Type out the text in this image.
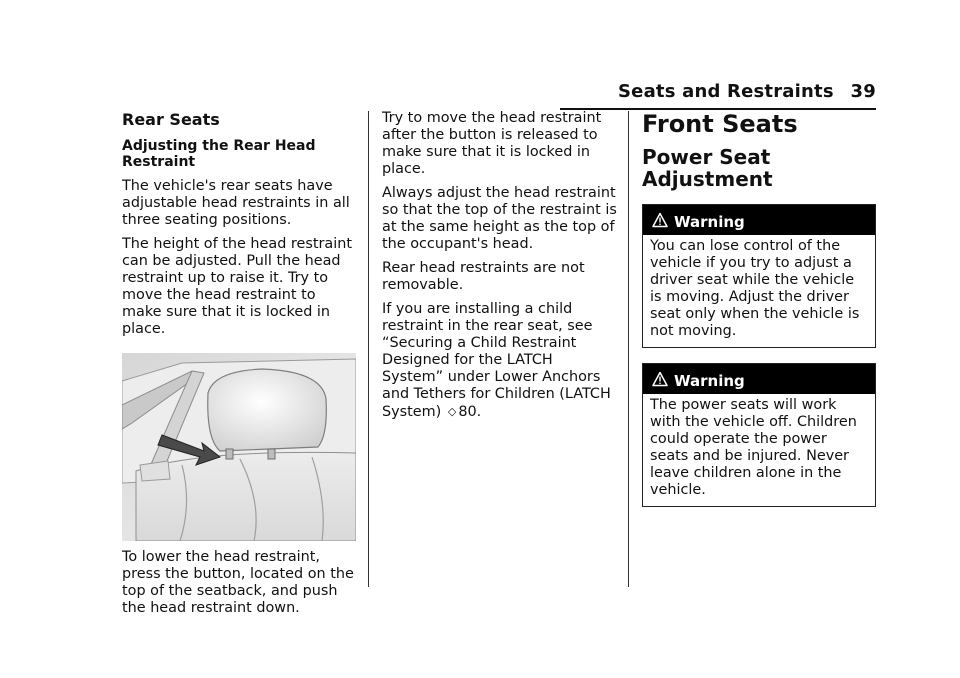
Seats and Restraints 39
Rear Seats

Adjusting the Rear Head Restraint

The vehicle's rear seats have adjustable head restraints in all three seating positions.

The height of the head restraint can be adjusted. Pull the head restraint up to raise it. Try to move the head restraint to make sure that it is locked in place.

To lower the head restraint, press the button, located on the top of the seatback, and push the head restraint down.

Try to move the head restraint after the button is released to make sure that it is locked in place.

Always adjust the head restraint so that the top of the restraint is at the same height as the top of the occupant's head.

Rear head restraints are not removable.

If you are installing a child restraint in the rear seat, see “Securing a Child Restraint Designed for the LATCH System” under Lower Anchors and Tethers for Children (LATCH System) ◇ 80.

Front Seats
Power Seat Adjustment
Warning
You can lose control of the vehicle if you try to adjust a driver seat while the vehicle is moving. Adjust the driver seat only when the vehicle is not moving.
Warning
The power seats will work with the vehicle off. Children could operate the power seats and be injured. Never leave children alone in the vehicle.
